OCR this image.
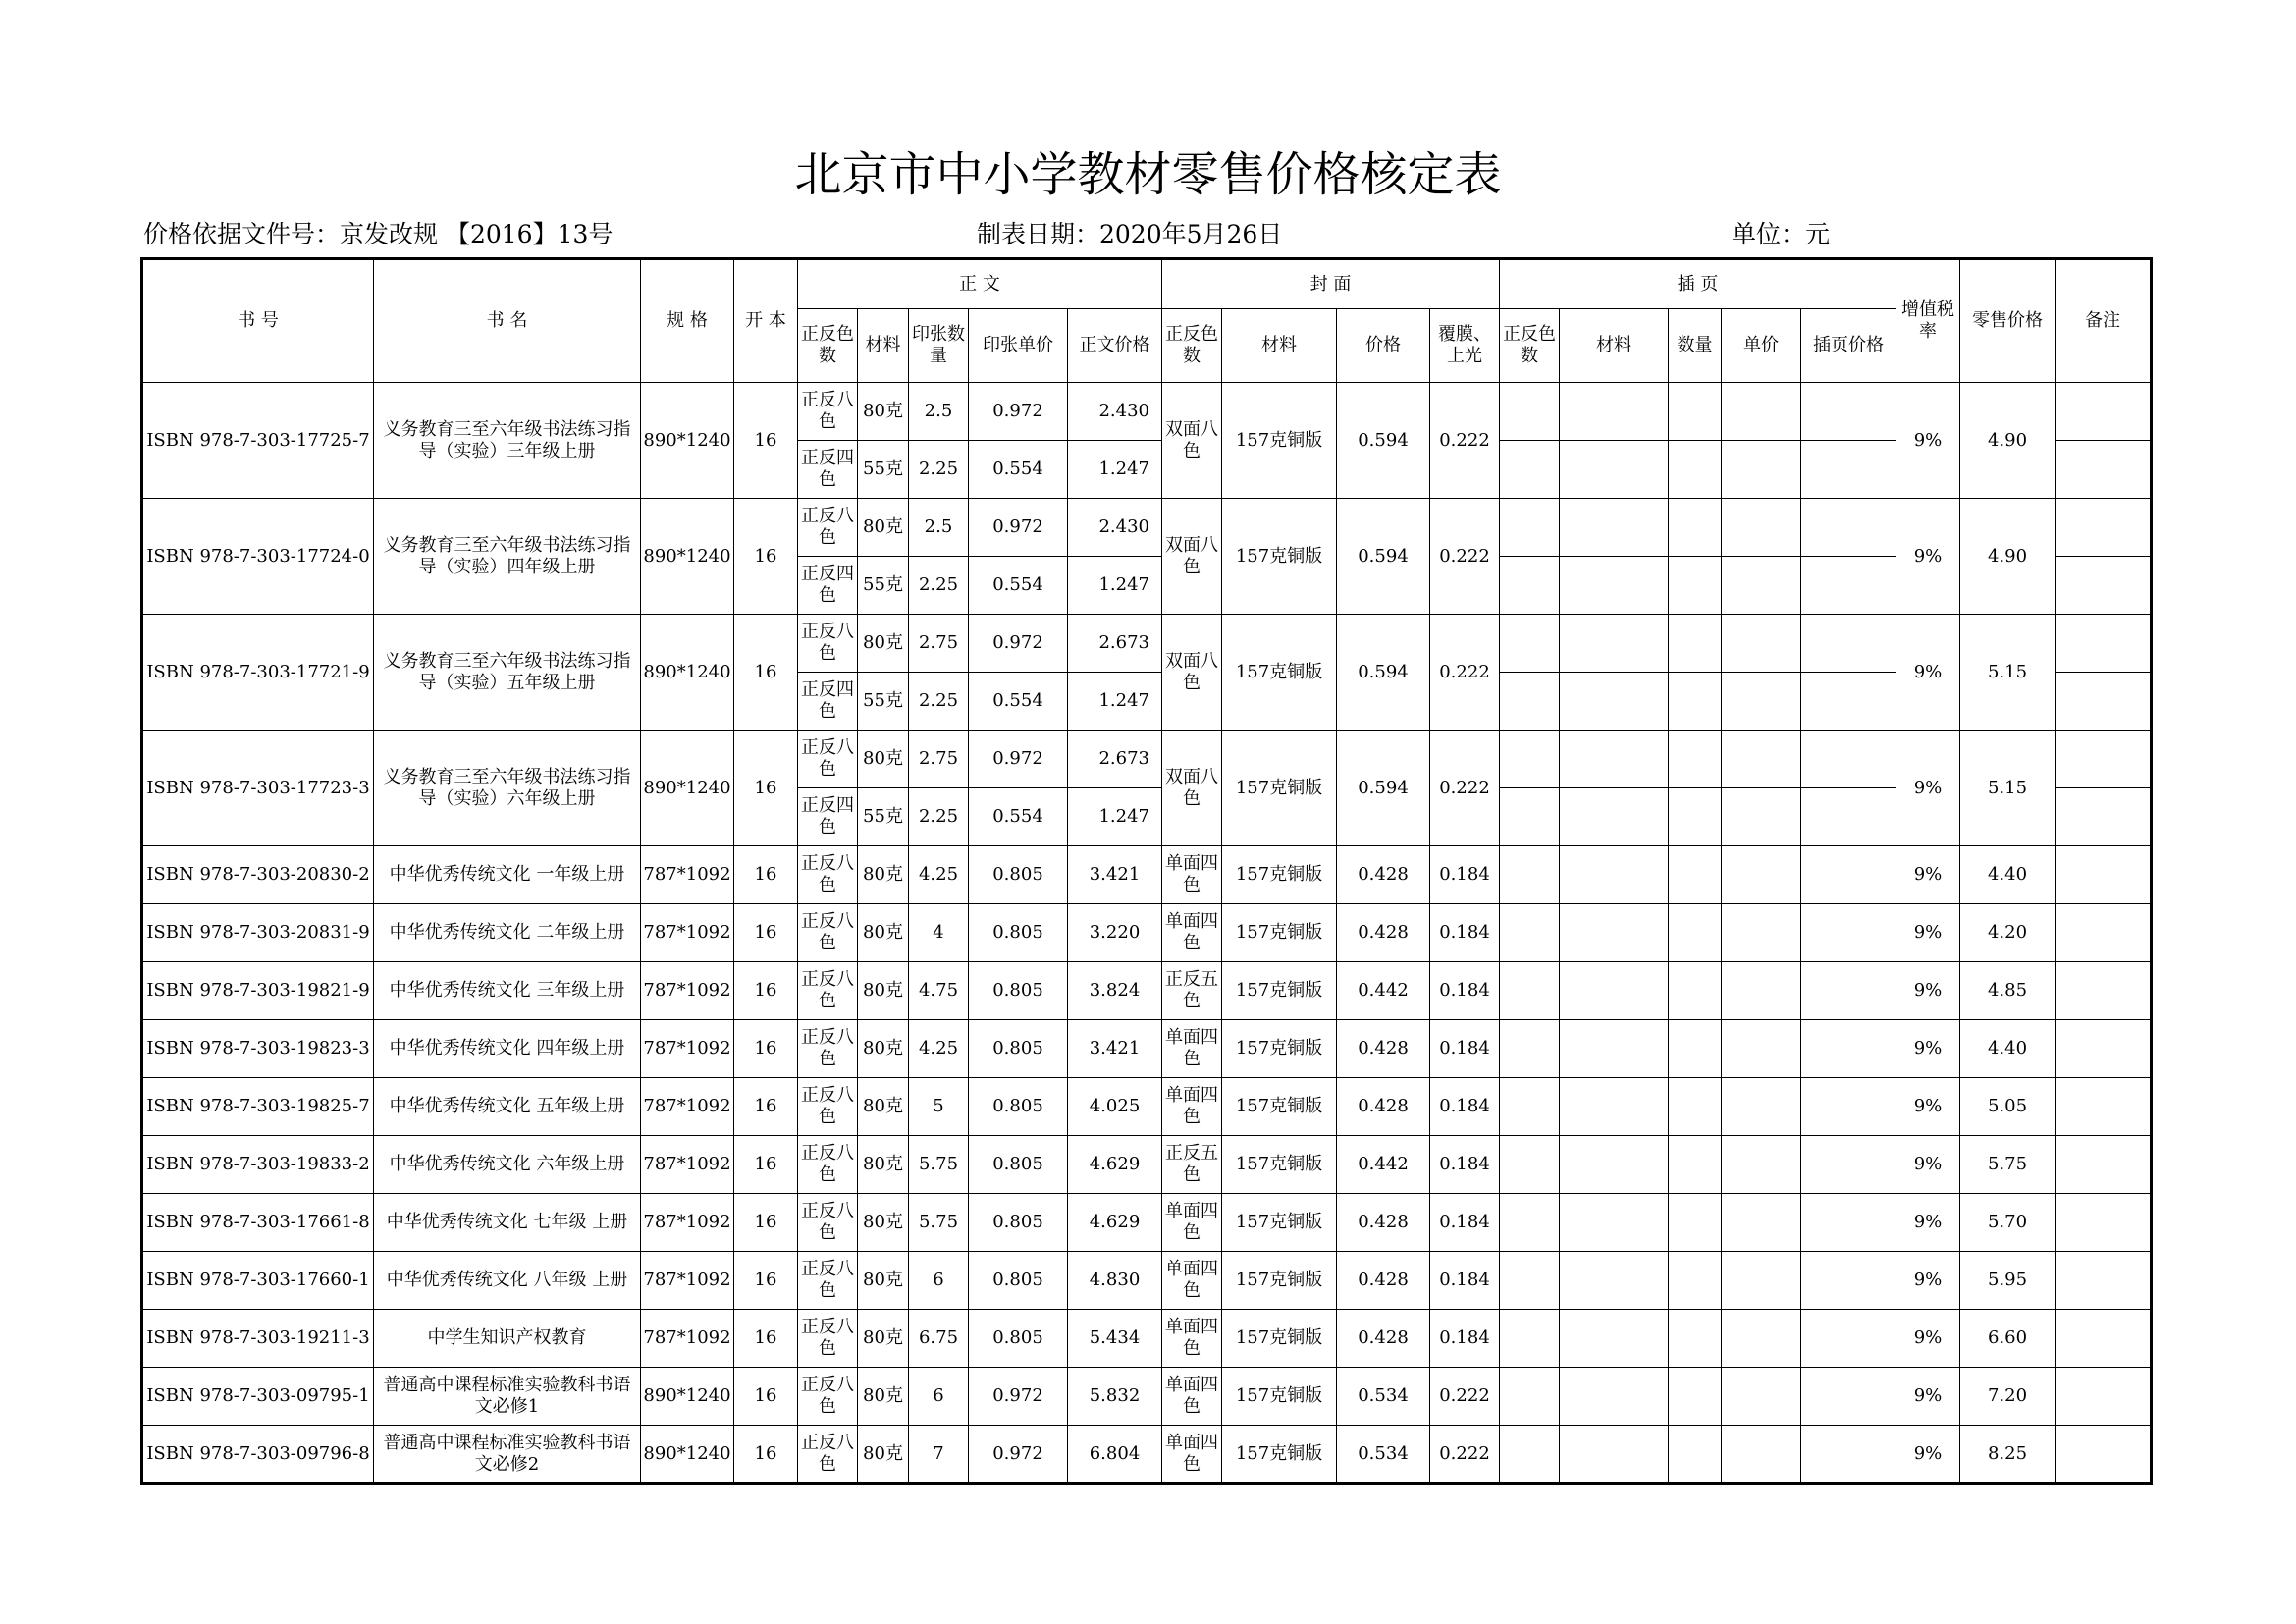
北京市中小学教材零售价格核定表
价格依据文件号：京发改规 【2016】13号	制表日期：2020年5月26日	单位：元
书 号	书 名	规 格	开 本	正 文					封 面				插 页					增值税率	零售价格	备注
				正反色数	材料	印张数量	印张单价	正文价格	正反色数	材料	价格	覆膜、上光	正反色数	材料	数量	单价	插页价格			
ISBN 978-7-303-17725-7	义务教育三至六年级书法练习指导（实验）三年级上册	890*1240	16	正反八色	80克	2.5	0.972	2.430	双面八色	157克铜版	0.594	0.222						9%	4.90	
				正反四色	55克	2.25	0.554	1.247												
ISBN 978-7-303-17724-0	义务教育三至六年级书法练习指导（实验）四年级上册	890*1240	16	正反八色	80克	2.5	0.972	2.430	双面八色	157克铜版	0.594	0.222						9%	4.90	
				正反四色	55克	2.25	0.554	1.247												
ISBN 978-7-303-17721-9	义务教育三至六年级书法练习指导（实验）五年级上册	890*1240	16	正反八色	80克	2.75	0.972	2.673	双面八色	157克铜版	0.594	0.222						9%	5.15	
				正反四色	55克	2.25	0.554	1.247												
ISBN 978-7-303-17723-3	义务教育三至六年级书法练习指导（实验）六年级上册	890*1240	16	正反八色	80克	2.75	0.972	2.673	双面八色	157克铜版	0.594	0.222						9%	5.15	
				正反四色	55克	2.25	0.554	1.247												
ISBN 978-7-303-20830-2	中华优秀传统文化 一年级上册	787*1092	16	正反八色	80克	4.25	0.805	3.421	单面四色	157克铜版	0.428	0.184						9%	4.40	
ISBN 978-7-303-20831-9	中华优秀传统文化 二年级上册	787*1092	16	正反八色	80克	4	0.805	3.220	单面四色	157克铜版	0.428	0.184						9%	4.20	
ISBN 978-7-303-19821-9	中华优秀传统文化 三年级上册	787*1092	16	正反八色	80克	4.75	0.805	3.824	正反五色	157克铜版	0.442	0.184						9%	4.85	
ISBN 978-7-303-19823-3	中华优秀传统文化 四年级上册	787*1092	16	正反八色	80克	4.25	0.805	3.421	单面四色	157克铜版	0.428	0.184						9%	4.40	
ISBN 978-7-303-19825-7	中华优秀传统文化 五年级上册	787*1092	16	正反八色	80克	5	0.805	4.025	单面四色	157克铜版	0.428	0.184						9%	5.05	
ISBN 978-7-303-19833-2	中华优秀传统文化 六年级上册	787*1092	16	正反八色	80克	5.75	0.805	4.629	正反五色	157克铜版	0.442	0.184						9%	5.75	
ISBN 978-7-303-17661-8	中华优秀传统文化 七年级 上册	787*1092	16	正反八色	80克	5.75	0.805	4.629	单面四色	157克铜版	0.428	0.184						9%	5.70	
ISBN 978-7-303-17660-1	中华优秀传统文化 八年级 上册	787*1092	16	正反八色	80克	6	0.805	4.830	单面四色	157克铜版	0.428	0.184						9%	5.95	
ISBN 978-7-303-19211-3	中学生知识产权教育	787*1092	16	正反八色	80克	6.75	0.805	5.434	单面四色	157克铜版	0.428	0.184						9%	6.60	
ISBN 978-7-303-09795-1	普通高中课程标准实验教科书语文必修1	890*1240	16	正反八色	80克	6	0.972	5.832	单面四色	157克铜版	0.534	0.222						9%	7.20	
ISBN 978-7-303-09796-8	普通高中课程标准实验教科书语文必修2	890*1240	16	正反八色	80克	7	0.972	6.804	单面四色	157克铜版	0.534	0.222						9%	8.25	
